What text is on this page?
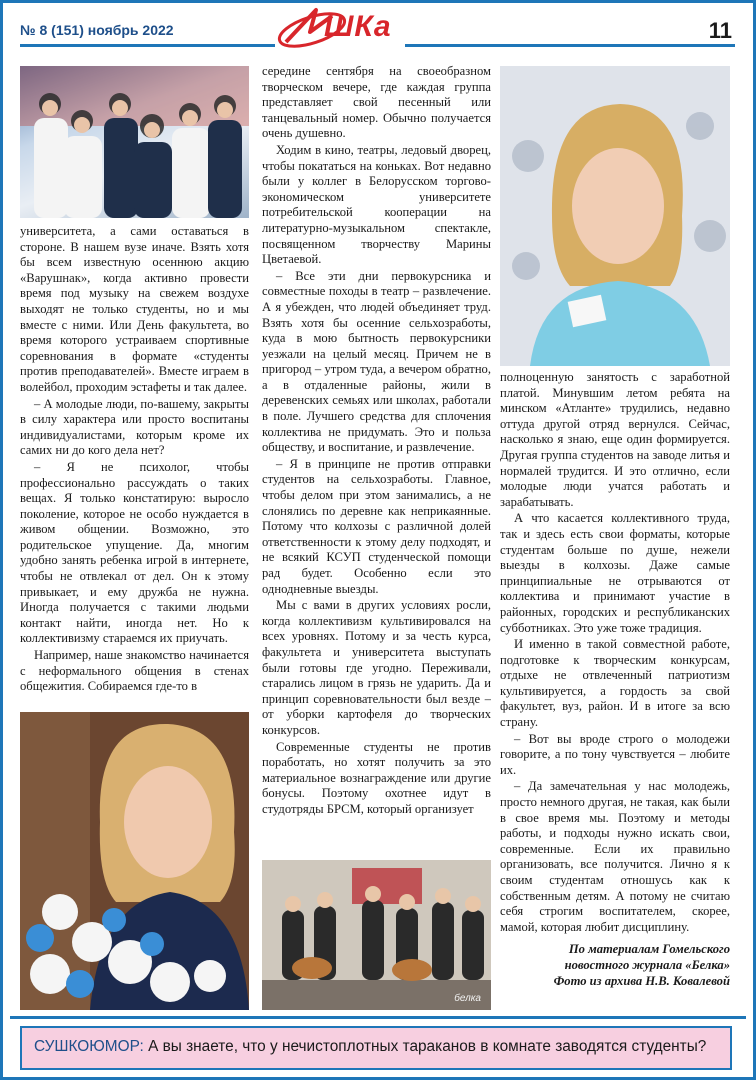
№ 8 (151) ноябрь 2022	ШКа	11
белка

университета, а сами оставаться в стороне. В нашем вузе иначе. Взять хотя бы всем известную осеннюю акцию «Варушнак», когда активно провести время под музыку на свежем воздухе выходят не только студенты, но и мы вместе с ними. Или День факультета, во время которого устраиваем спортивные соревнования в формате «студенты против преподавателей». Вместе играем в волейбол, проходим эстафеты и так далее.

– А молодые люди, по-вашему, закрыты в силу характера или просто воспитаны индивидуалистами, которым кроме их самих ни до кого дела нет?

– Я не психолог, чтобы профессионально рассуждать о таких вещах. Я только констатирую: выросло поколение, которое не особо нуждается в живом общении. Возможно, это родительское упущение. Да, многим удобно занять ребенка игрой в интернете, чтобы не отвлекал от дел. Он к этому привыкает, и ему дружба не нужна. Иногда получается с такими людьми контакт найти, иногда нет. Но к коллективизму стараемся их приучать.

Например, наше знакомство начинается с неформального общения в стенах общежития. Собираемся где-то в

середине сентября на своеобразном творческом вечере, где каждая группа представляет свой песенный или танцевальный номер. Обычно получается очень душевно.

Ходим в кино, театры, ледовый дворец, чтобы покататься на коньках. Вот недавно были у коллег в Белорусском торгово-экономическом университете потребительской кооперации на литературно-музыкальном спектакле, посвященном творчеству Марины Цветаевой.

– Все эти дни первокурсника и совместные походы в театр – развлечение. А я убежден, что людей объединяет труд. Взять хотя бы осенние сельхозработы, куда в мою бытность первокурсники уезжали на целый месяц. Причем не в пригород – утром туда, а вечером обратно, а в отдаленные районы, жили в деревенских семьях или школах, работали в поле. Лучшего средства для сплочения коллектива не придумать. Это и польза обществу, и воспитание, и развлечение.

– Я в принципе не против отправки студентов на сельхозработы. Главное, чтобы делом при этом занимались, а не слонялись по деревне как неприкаянные. Потому что колхозы с различной долей ответственности к этому делу подходят, и не всякий КСУП студенческой помощи рад будет. Особенно если это однодневные выезды.

Мы с вами в других условиях росли, когда коллективизм культивировался на всех уровнях. Потому и за честь курса, факультета и университета выступать были готовы где угодно. Переживали, старались лицом в грязь не ударить. Да и принцип соревновательности был везде – от уборки картофеля до творческих конкурсов.

Современные студенты не против поработать, но хотят получить за это материальное вознаграждение или другие бонусы. Поэтому охотнее идут в студотряды БРСМ, который организует

полноценную занятость с заработной платой. Минувшим летом ребята на минском «Атланте» трудились, недавно оттуда другой отряд вернулся. Сейчас, насколько я знаю, еще один формируется. Другая группа студентов на заводе литья и нормалей трудится. И это отлично, если молодые люди учатся работать и зарабатывать.

А что касается коллективного труда, так и здесь есть свои форматы, которые студентам больше по душе, нежели выезды в колхозы. Даже самые принципиальные не отрываются от коллектива и принимают участие в районных, городских и республиканских субботниках. Это уже тоже традиция.

И именно в такой совместной работе, подготовке к творческим конкурсам, отдыхе не отвлеченный патриотизм культивируется, а гордость за свой факультет, вуз, район. И в итоге за всю страну.

– Вот вы вроде строго о молодежи говорите, а по тону чувствуется – любите их.

– Да замечательная у нас молодежь, просто немного другая, не такая, как были в свое время мы. Поэтому и методы работы, и подходы нужно искать свои, современные. Если их правильно организовать, все получится. Лично я к своим студентам отношусь как к собственным детям. А потому не считаю себя строгим воспитателем, скорее, мамой, которая любит дисциплину.

По материалам Гомельского
новостного журнала «Белка»
Фото из архива Н.В. Ковалевой
СУШКОЮМОР: А вы знаете, что у нечистоплотных тараканов в комнате заводятся студенты?
